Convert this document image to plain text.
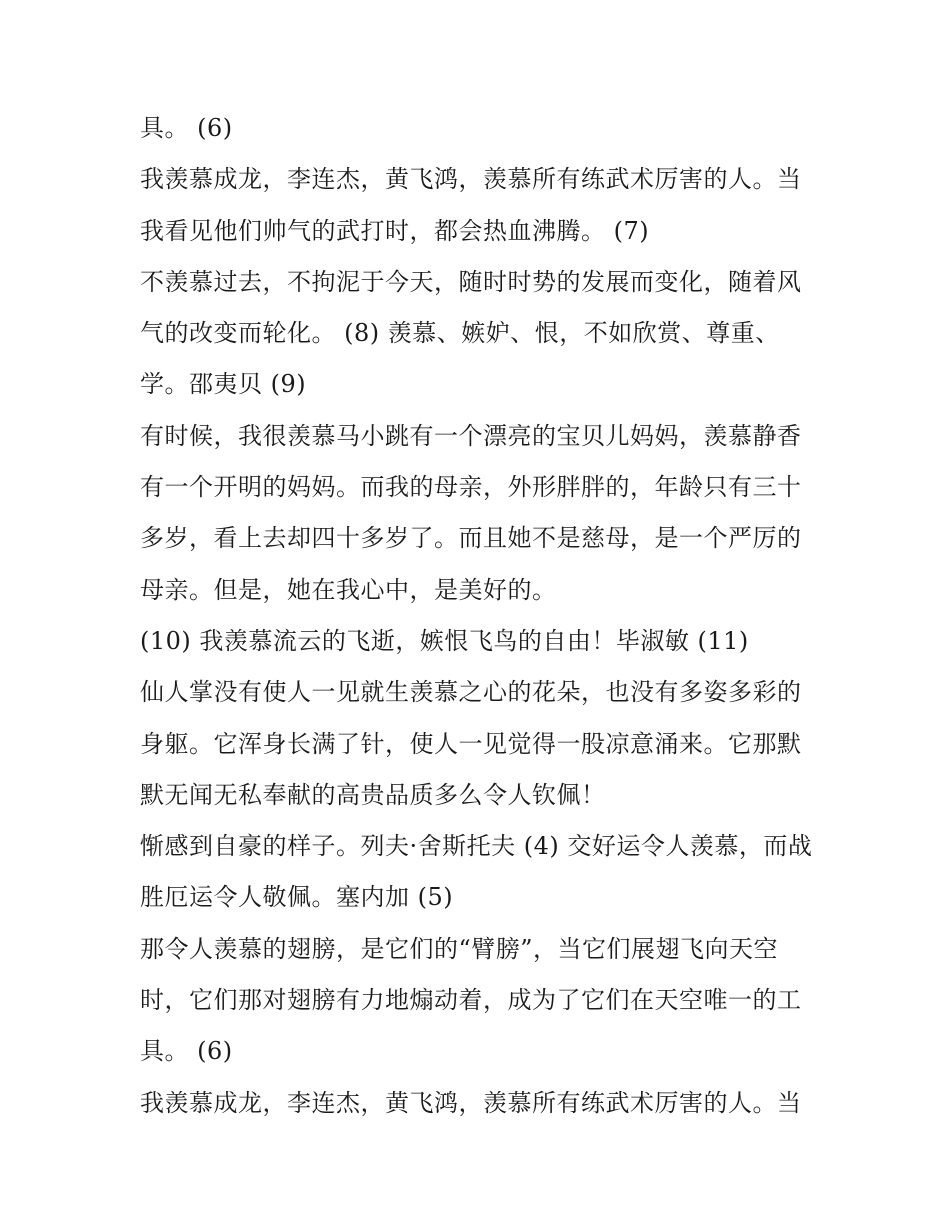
具。 (6)
我羡慕成龙，李连杰，黄飞鸿，羡慕所有练武术厉害的人。当
我看见他们帅气的武打时，都会热血沸腾。 (7)
不羡慕过去，不拘泥于今天，随时时势的发展而变化，随着风
气的改变而轮化。 (8) 羡慕、嫉妒、恨，不如欣赏、尊重、
学。邵夷贝 (9)
有时候，我很羡慕马小跳有一个漂亮的宝贝儿妈妈，羡慕静香
有一个开明的妈妈。而我的母亲，外形胖胖的，年龄只有三十
多岁，看上去却四十多岁了。而且她不是慈母，是一个严厉的
母亲。但是，她在我心中，是美好的。
(10) 我羡慕流云的飞逝，嫉恨飞鸟的自由！毕淑敏 (11)
仙人掌没有使人一见就生羡慕之心的花朵，也没有多姿多彩的
身躯。它浑身长满了针，使人一见觉得一股凉意涌来。它那默
默无闻无私奉献的高贵品质多么令人钦佩！
惭感到自豪的样子。列夫·舍斯托夫 (4) 交好运令人羡慕，而战
胜厄运令人敬佩。塞内加 (5)
那令人羡慕的翅膀，是它们的“臂膀”，当它们展翅飞向天空
时，它们那对翅膀有力地煽动着，成为了它们在天空唯一的工
具。 (6)
我羡慕成龙，李连杰，黄飞鸿，羡慕所有练武术厉害的人。当
